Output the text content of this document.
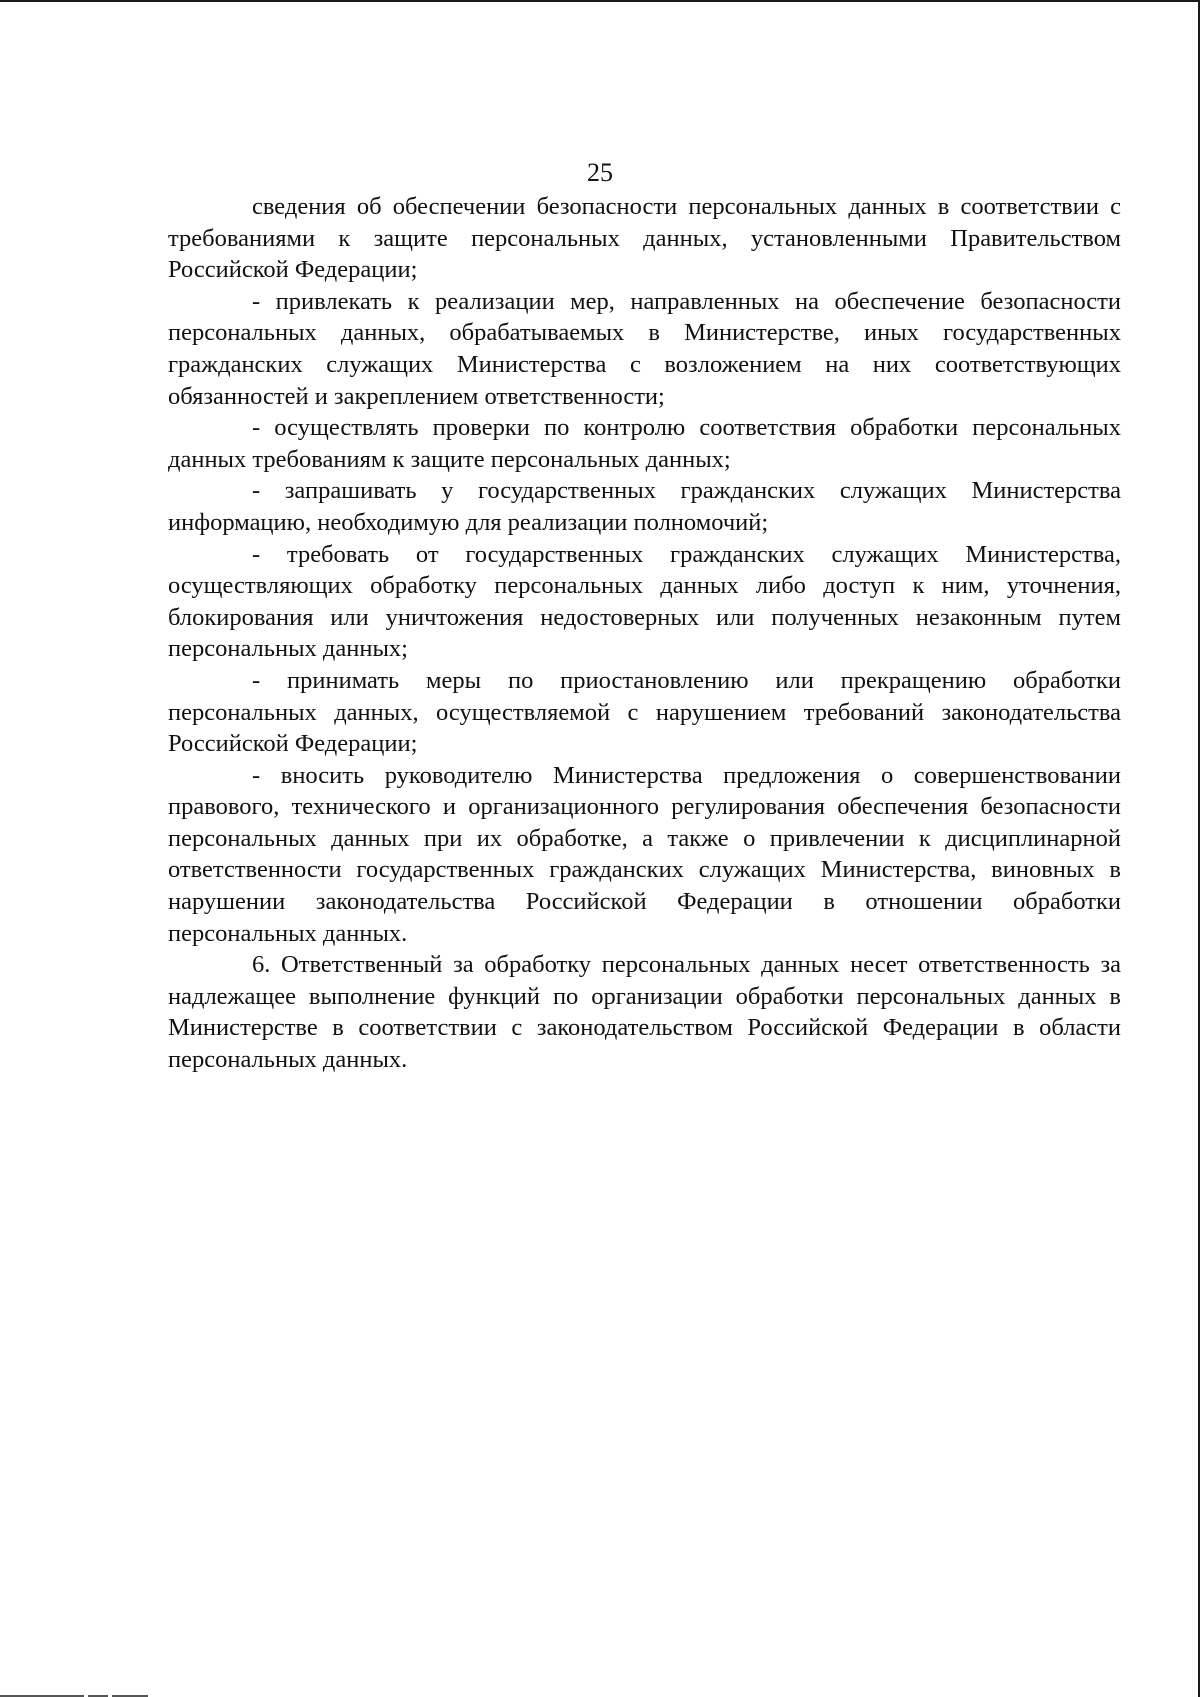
25

сведения об обеспечении безопасности персональных данных в соответствии с требованиями к защите персональных данных, установленными Правительством Российской Федерации;

- привлекать к реализации мер, направленных на обеспечение безопасности персональных данных, обрабатываемых в Министерстве, иных государственных гражданских служащих Министерства с возложением на них соответствующих обязанностей и закреплением ответственности;

- осуществлять проверки по контролю соответствия обработки персональных данных требованиям к защите персональных данных;

- запрашивать у государственных гражданских служащих Министерства информацию, необходимую для реализации полномочий;

- требовать от государственных гражданских служащих Министерства, осуществляющих обработку персональных данных либо доступ к ним, уточнения, блокирования или уничтожения недостоверных или полученных незаконным путем персональных данных;

- принимать меры по приостановлению или прекращению обработки персональных данных, осуществляемой с нарушением требований законодательства Российской Федерации;

- вносить руководителю Министерства предложения о совершенствовании правового, технического и организационного регулирования обеспечения безопасности персональных данных при их обработке, а также о привлечении к дисциплинарной ответственности государственных гражданских служащих Министерства, виновных в нарушении законодательства Российской Федерации в отношении обработки персональных данных.

6. Ответственный за обработку персональных данных несет ответственность за надлежащее выполнение функций по организации обработки персональных данных в Министерстве в соответствии с законодательством Российской Федерации в области персональных данных.
